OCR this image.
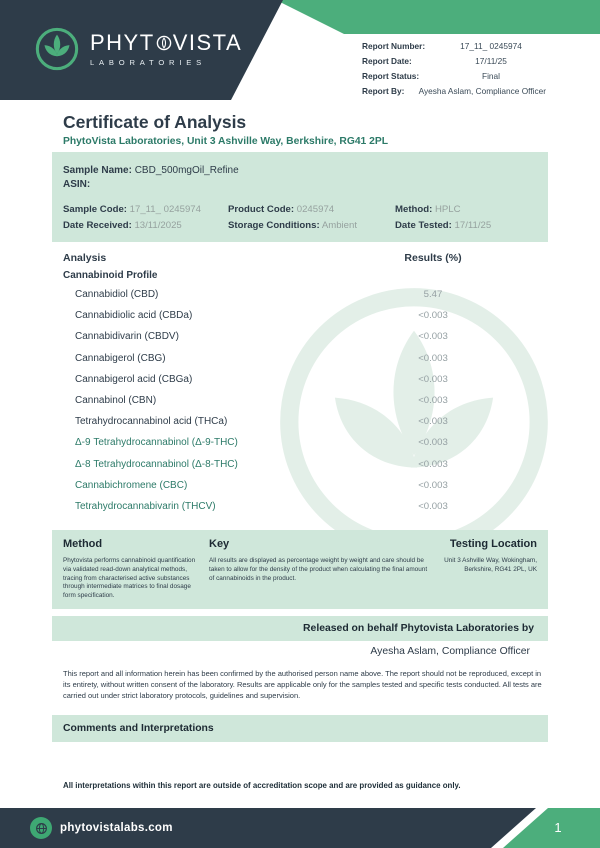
PHYT VISTA
LABORATORIES
Report Number:	17_11_ 0245974
Report Date:	17/11/25
Report Status:	Final
Report By:	Ayesha Aslam, Compliance Officer
Certificate of Analysis
PhytoVista Laboratories, Unit 3 Ashville Way, Berkshire, RG41 2PL
Sample Name: CBD_500mgOil_Refine
ASIN:
Sample Code: 17_11_ 0245974	Product Code: 0245974	Method: HPLC
Date Received: 13/11/2025	Storage Conditions: Ambient	Date Tested: 17/11/25
Analysis	Results (%)
Cannabinoid Profile
Cannabidiol (CBD)	5.47
Cannabidiolic acid (CBDa)	<0.003
Cannabidivarin (CBDV)	<0.003
Cannabigerol (CBG)	<0.003
Cannabigerol acid (CBGa)	<0.003
Cannabinol (CBN)	<0.003
Tetrahydrocannabinol acid (THCa)	<0.003
Δ-9 Tetrahydrocannabinol (Δ-9-THC)	<0.003
Δ-8 Tetrahydrocannabinol (Δ-8-THC)	<0.003
Cannabichromene (CBC)	<0.003
Tetrahydrocannabivarin (THCV)	<0.003
Method

Phytovista performs cannabinoid quantification via validated read-down analytical methods, tracing from characterised active substances through intermediate matrices to final dosage form specification.

Key

All results are displayed as percentage weight by weight and care should be taken to allow for the density of the product when calculating the final amount of cannabinoids in the product.

Testing Location

Unit 3 Ashville Way, Wokingham, Berkshire, RG41 2PL, UK

Released on behalf Phytovista Laboratories by
Ayesha Aslam, Compliance Officer

This report and all information herein has been confirmed by the authorised person name above. The report should not be reproduced, except in its entirety, without written consent of the laboratory. Results are applicable only for the samples tested and specific tests conducted. All tests are carried out under strict laboratory protocols, guidelines and supervision.

Comments and Interpretations
All interpretations within this report are outside of accreditation scope and are provided as guidance only.
phytovistalabs.com	1
